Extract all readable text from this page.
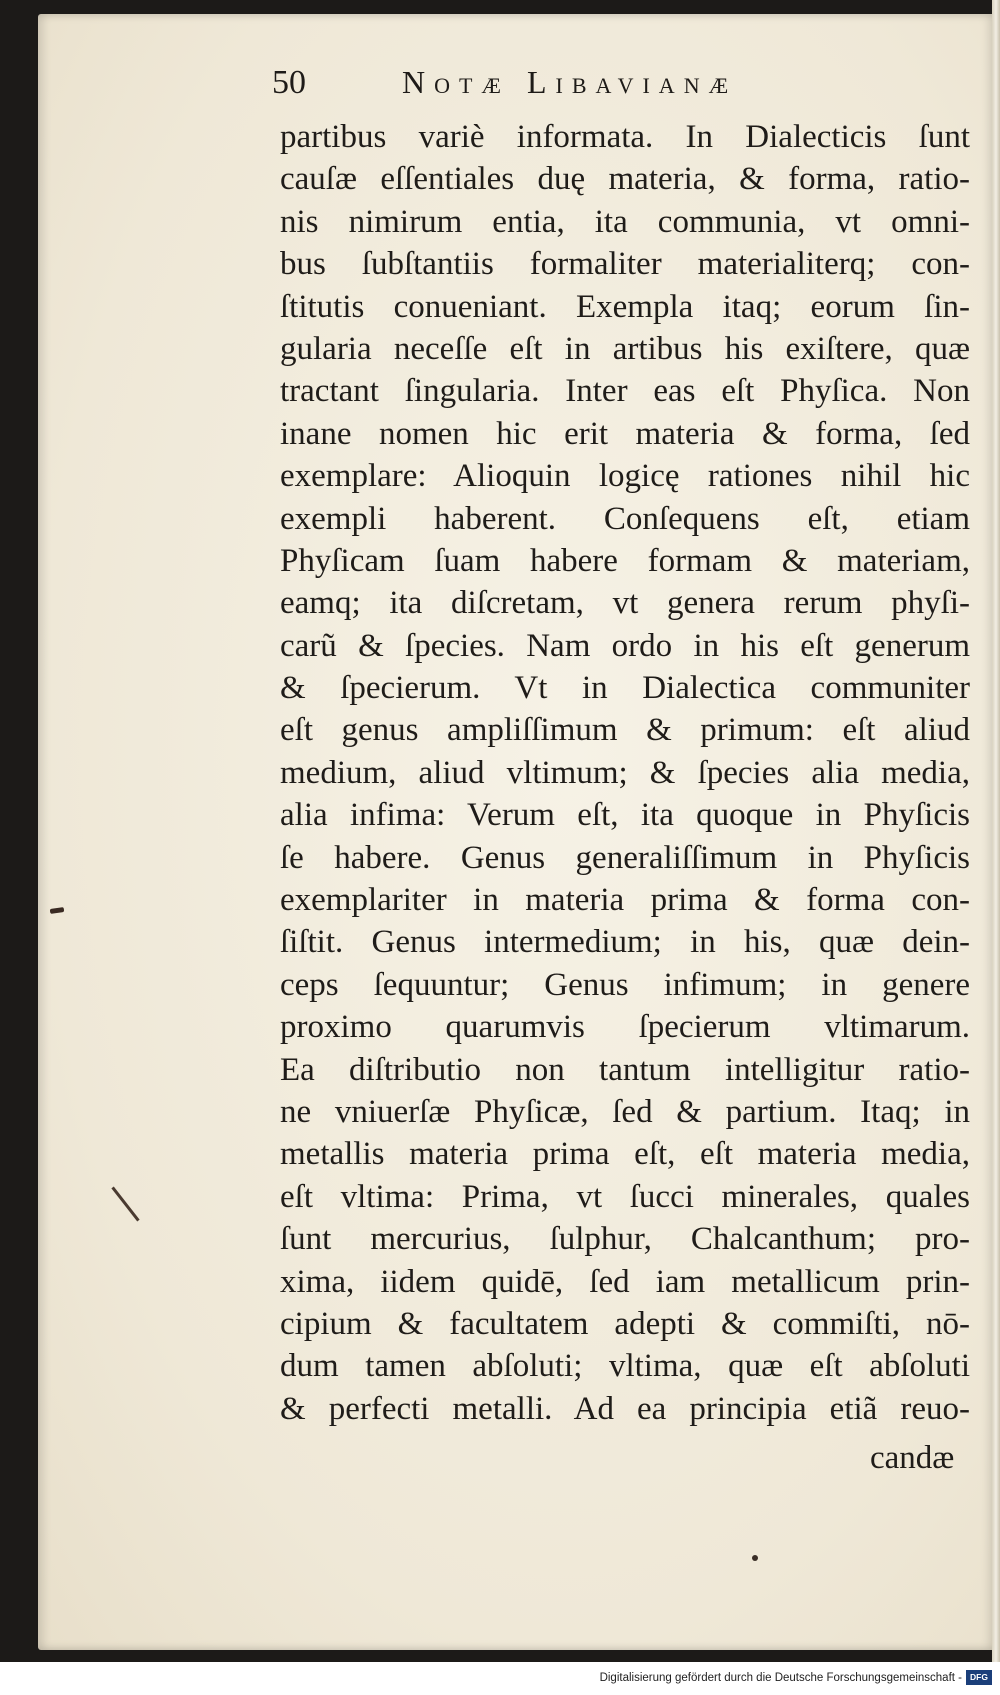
50	Notæ Libavianæ
partibus variè informata. In Dialecticis ſunt
cauſæ eſſentiales duę materia, & forma, ratio-
nis nimirum entia, ita communia, vt omni-
bus ſubſtantiis formaliter materialiterq; con-
ſtitutis conueniant. Exempla itaq; eorum ſin-
gularia neceſſe eſt in artibus his exiſtere, quæ
tractant ſingularia. Inter eas eſt Phyſica. Non
inane nomen hic erit materia & forma, ſed
exemplare: Alioquin logicę rationes nihil hic
exempli haberent. Conſequens eſt, etiam
Phyſicam ſuam habere formam & materiam,
eamq; ita diſcretam, vt genera rerum phyſi-
carũ & ſpecies. Nam ordo in his eſt generum
& ſpecierum. Vt in Dialectica communiter
eſt genus ampliſſimum & primum: eſt aliud
medium, aliud vltimum; & ſpecies alia media,
alia infima: Verum eſt, ita quoque in Phyſicis
ſe habere. Genus generaliſſimum in Phyſicis
exemplariter in materia prima & forma con-
ſiſtit. Genus intermedium; in his, quæ dein-
ceps ſequuntur; Genus infimum; in genere
proximo quarumvis ſpecierum vltimarum.
Ea diſtributio non tantum intelligitur ratio-
ne vniuerſæ Phyſicæ, ſed & partium. Itaq; in
metallis materia prima eſt, eſt materia media,
eſt vltima: Prima, vt ſucci minerales, quales
ſunt mercurius, ſulphur, Chalcanthum; pro-
xima, iidem quidē, ſed iam metallicum prin-
cipium & facultatem adepti & commiſti, nō-
dum tamen abſoluti; vltima, quæ eſt abſoluti
& perfecti metalli. Ad ea principia etiã reuo-
candæ
Digitalisierung gefördert durch die Deutsche Forschungsgemeinschaft - DFG
